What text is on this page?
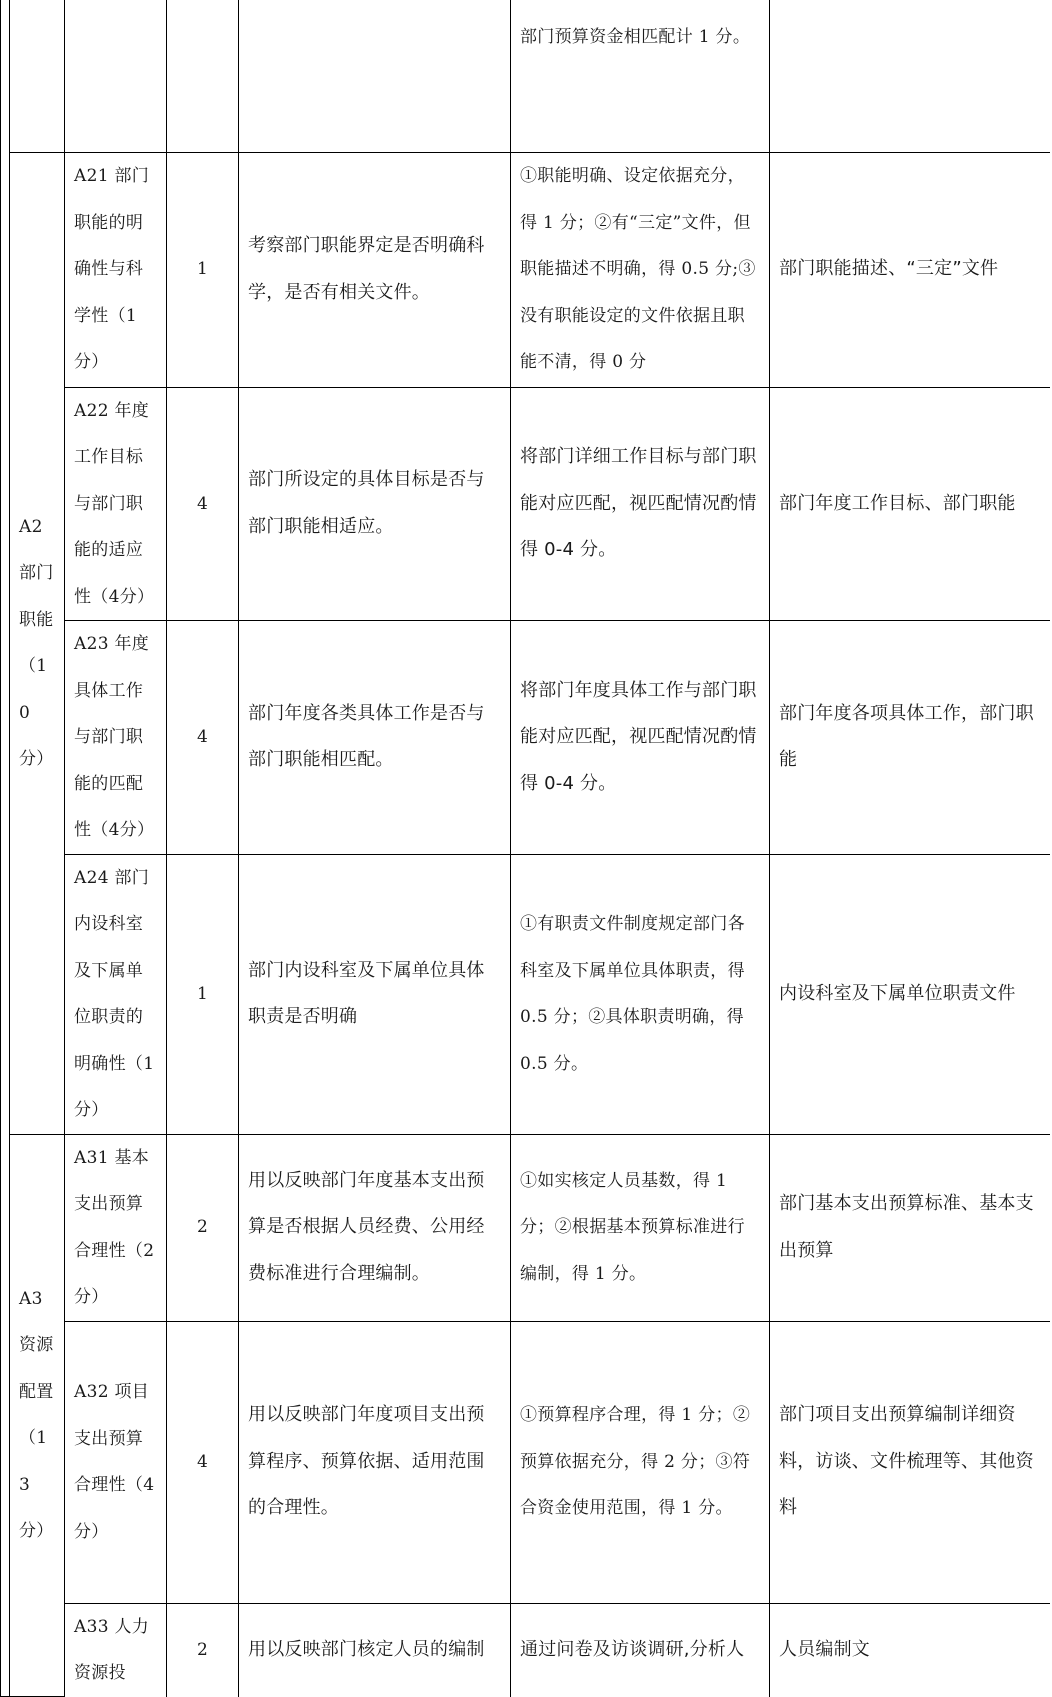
					部门预算资金相匹配计 1 分。	
	A2 部门职能（10分）	A21 部门职能的明确性与科学性（1分）	1	考察部门职能界定是否明确科学，是否有相关文件。	①职能明确、设定依据充分，得 1 分；②有“三定”文件，但职能描述不明确，得 0.5 分;③没有职能设定的文件依据且职能不清，得 0 分	部门职能描述、“三定”文件
		A22 年度工作目标与部门职能的适应性（4分）	4	部门所设定的具体目标是否与部门职能相适应。	将部门详细工作目标与部门职能对应匹配，视匹配情况酌情得 0-4 分。	部门年度工作目标、部门职能
		A23 年度具体工作与部门职能的匹配性（4分）	4	部门年度各类具体工作是否与部门职能相匹配。	将部门年度具体工作与部门职能对应匹配，视匹配情况酌情得 0-4 分。	部门年度各项具体工作，部门职能
		A24 部门内设科室及下属单位职责的明确性（1分）	1	部门内设科室及下属单位具体职责是否明确	①有职责文件制度规定部门各科室及下属单位具体职责，得 0.5 分；②具体职责明确，得 0.5 分。	内设科室及下属单位职责文件
	A3 资源配置（13分）	A31 基本支出预算合理性（2分）	2	用以反映部门年度基本支出预算是否根据人员经费、公用经费标准进行合理编制。	①如实核定人员基数，得 1 分；②根据基本预算标准进行编制，得 1 分。	部门基本支出预算标准、基本支出预算
		A32 项目支出预算合理性（4分）	4	用以反映部门年度项目支出预算程序、预算依据、适用范围的合理性。	①预算程序合理，得 1 分；②预算依据充分，得 2 分；③符合资金使用范围，得 1 分。	部门项目支出预算编制详细资料，访谈、文件梳理等、其他资料
		A33 人力资源投	2	用以反映部门核定人员的编制	通过问卷及访谈调研,分析人	人员编制文
